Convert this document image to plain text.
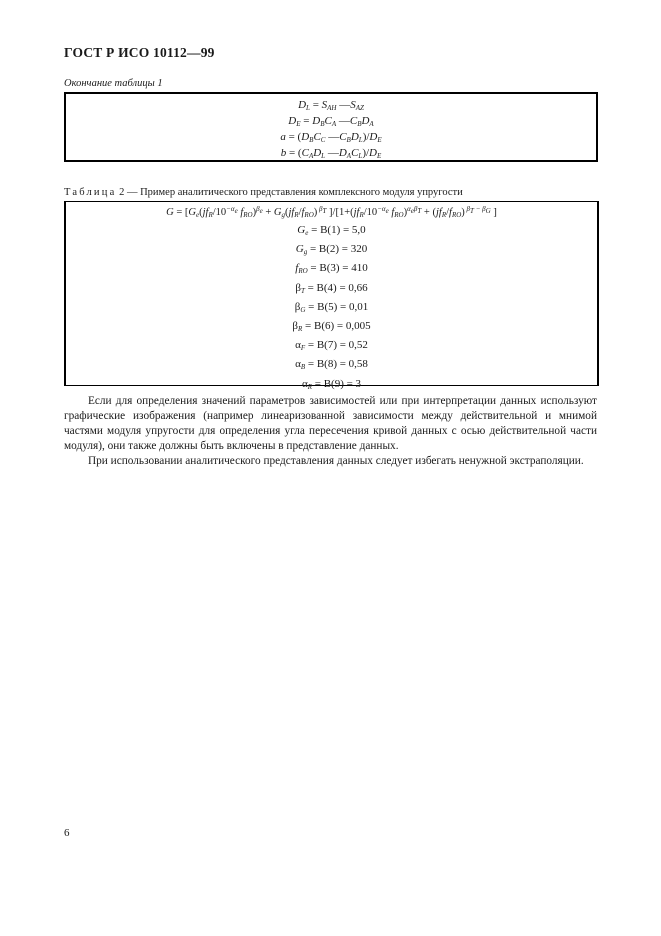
ГОСТ Р ИСО 10112—99
Окончание таблицы 1
$D_L = S_{AH}$ $—S_{AZ}$
$D_E = D_BC_A$ $—C_BD_A$
$a = (D_BC_C$ $—C_BD_L)/D_E$
$b = (C_AD_L$ $—D_AC_L)/D_E$
Таблица 2 — Пример аналитического представления комплексного модуля упругости
$G = [G_e(jf_R/10^{-\alpha_e}$ $f_{RO})^{\beta_e} + G_g(jf_R/f_{RO})$ $^{\beta_T}$ ]$/[1+(jf_R/10^{-\alpha_e}$ $f_{RO})^{\alpha_e\beta_T} + (jf_R/f_{RO})$ $^{\beta_T - \beta_G}$ ]
$G_e = B(1) = 5,0$
$G_g = B(2) = 320$
$f_{RO} = B(3) = 410$
$\beta_T = B(4) = 0,66$
$\beta_G = B(5) = 0,01$
$\beta_R = B(6) = 0,005$
$\alpha_F = B(7) = 0,52$
$\alpha_B = B(8) = 0,58$
$\alpha_R = B(9) = 3$

Если для определения значений параметров зависимостей или при интерпретации данных используют графические изображения (например линеаризованной зависимости между действительной и мнимой частями модуля упругости для определения угла пересечения кривой данных с осью действительной части модуля), они также должны быть включены в представление данных.

При использовании аналитического представления данных следует избегать ненужной экстраполяции.

6
